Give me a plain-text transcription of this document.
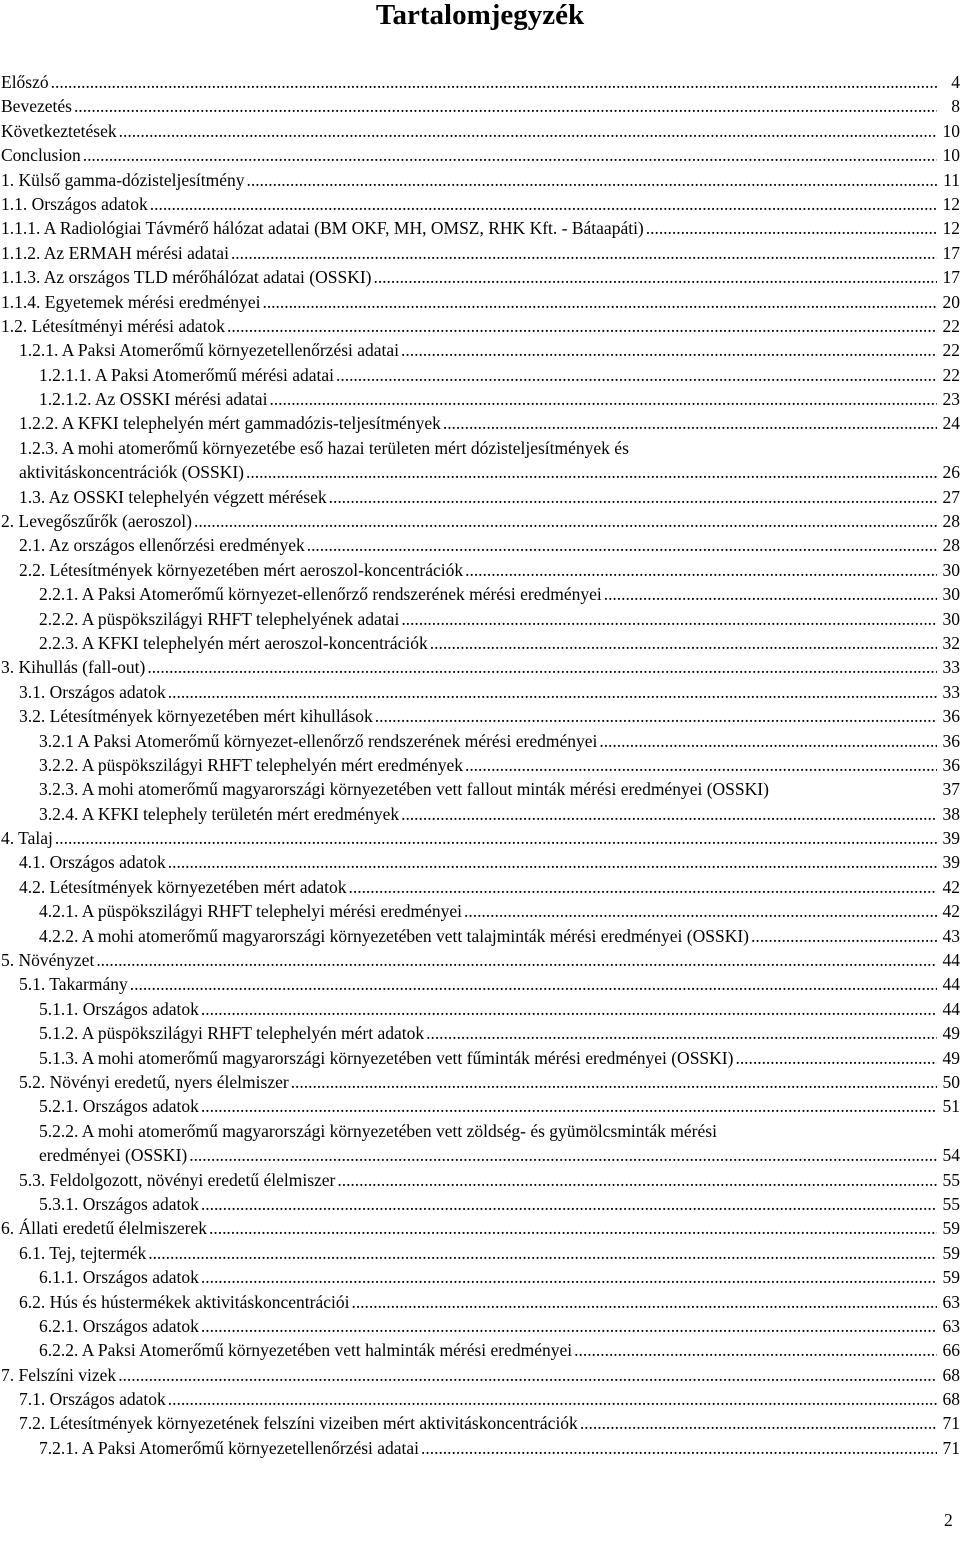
Tartalomjegyzék
Előszó . . .	4
Bevezetés . . .	8
Következtetések . . .	10
Conclusion . . .	10
1. Külső gamma-dózisteljesítmény . . .	11
1.1. Országos adatok . . .	12
1.1.1. A Radiológiai Távmérő hálózat adatai (BM OKF, MH, OMSZ, RHK Kft. - Bátaapáti) . . .	12
1.1.2. Az ERMAH mérési adatai . . .	17
1.1.3. Az országos TLD mérőhálózat adatai (OSSKI) . . .	17
1.1.4. Egyetemek mérési eredményei . . .	20
1.2. Létesítményi mérési adatok . . .	22
1.2.1. A Paksi Atomerőmű környezetellenőrzési adatai . . .	22
1.2.1.1. A Paksi Atomerőmű mérési adatai . . .	22
1.2.1.2. Az OSSKI mérési adatai . . .	23
1.2.2. A KFKI telephelyén mért gammadózis-teljesítmények . . .	24
1.2.3. A mohi atomerőmű környezetébe eső hazai területen mért dózisteljesítmények és
aktivitáskoncentrációk (OSSKI) . . .	26
1.3. Az OSSKI telephelyén végzett mérések . . .	27
2. Levegőszűrők (aeroszol) . . .	28
2.1. Az országos ellenőrzési eredmények . . .	28
2.2. Létesítmények környezetében mért aeroszol-koncentrációk . . .	30
2.2.1. A Paksi Atomerőmű környezet-ellenőrző rendszerének mérési eredményei . . .	30
2.2.2. A püspökszilágyi RHFT telephelyének adatai . . .	30
2.2.3. A KFKI telephelyén mért aeroszol-koncentrációk . . .	32
3. Kihullás (fall-out) . . .	33
3.1. Országos adatok . . .	33
3.2. Létesítmények környezetében mért kihullások . . .	36
3.2.1 A Paksi Atomerőmű környezet-ellenőrző rendszerének mérési eredményei . . .	36
3.2.2. A püspökszilágyi RHFT telephelyén mért eredmények . . .	36
3.2.3. A mohi atomerőmű magyarországi környezetében vett fallout minták mérési eredményei (OSSKI)	37
3.2.4. A KFKI telephely területén mért eredmények . . .	38
4. Talaj . . .	39
4.1. Országos adatok . . .	39
4.2. Létesítmények környezetében mért adatok . . .	42
4.2.1. A püspökszilágyi RHFT telephelyi mérési eredményei . . .	42
4.2.2. A mohi atomerőmű magyarországi környezetében vett talajminták mérési eredményei (OSSKI) . . .	43
5. Növényzet . . .	44
5.1. Takarmány . . .	44
5.1.1. Országos adatok . . .	44
5.1.2. A püspökszilágyi RHFT telephelyén mért adatok . . .	49
5.1.3. A mohi atomerőmű magyarországi környezetében vett fűminták mérési eredményei (OSSKI) . . .	49
5.2. Növényi eredetű, nyers élelmiszer . . .	50
5.2.1. Országos adatok . . .	51
5.2.2. A mohi atomerőmű magyarországi környezetében vett zöldség- és gyümölcsminták mérési
eredményei (OSSKI) . . .	54
5.3. Feldolgozott, növényi eredetű élelmiszer . . .	55
5.3.1. Országos adatok . . .	55
6. Állati eredetű élelmiszerek . . .	59
6.1. Tej, tejtermék . . .	59
6.1.1. Országos adatok . . .	59
6.2. Hús és hústermékek aktivitáskoncentrációi . . .	63
6.2.1. Országos adatok . . .	63
6.2.2. A Paksi Atomerőmű környezetében vett halminták mérési eredményei . . .	66
7. Felszíni vizek . . .	68
7.1. Országos adatok . . .	68
7.2. Létesítmények környezetének felszíni vizeiben mért aktivitáskoncentrációk . . .	71
7.2.1. A Paksi Atomerőmű környezetellenőrzési adatai . . .	71
2
